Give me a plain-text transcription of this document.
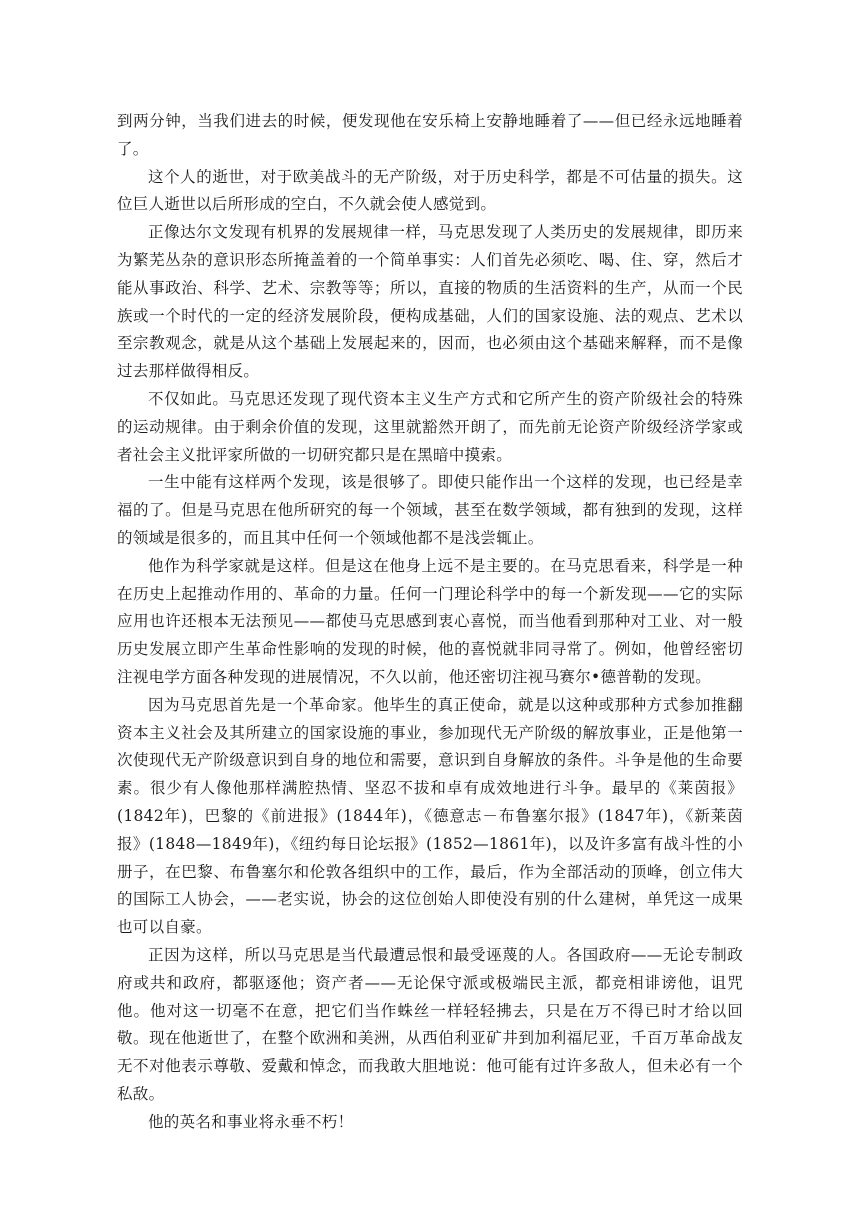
到两分钟，当我们进去的时候，便发现他在安乐椅上安静地睡着了——但已经永远地睡着了。

这个人的逝世，对于欧美战斗的无产阶级，对于历史科学，都是不可估量的损失。这位巨人逝世以后所形成的空白，不久就会使人感觉到。

正像达尔文发现有机界的发展规律一样，马克思发现了人类历史的发展规律，即历来为繁芜丛杂的意识形态所掩盖着的一个简单事实：人们首先必须吃、喝、住、穿，然后才能从事政治、科学、艺术、宗教等等；所以，直接的物质的生活资料的生产，从而一个民族或一个时代的一定的经济发展阶段，便构成基础，人们的国家设施、法的观点、艺术以至宗教观念，就是从这个基础上发展起来的，因而，也必须由这个基础来解释，而不是像过去那样做得相反。

不仅如此。马克思还发现了现代资本主义生产方式和它所产生的资产阶级社会的特殊的运动规律。由于剩余价值的发现，这里就豁然开朗了，而先前无论资产阶级经济学家或者社会主义批评家所做的一切研究都只是在黑暗中摸索。

一生中能有这样两个发现，该是很够了。即使只能作出一个这样的发现，也已经是幸福的了。但是马克思在他所研究的每一个领域，甚至在数学领域，都有独到的发现，这样的领域是很多的，而且其中任何一个领域他都不是浅尝辄止。

他作为科学家就是这样。但是这在他身上远不是主要的。在马克思看来，科学是一种在历史上起推动作用的、革命的力量。任何一门理论科学中的每一个新发现——它的实际应用也许还根本无法预见——都使马克思感到衷心喜悦，而当他看到那种对工业、对一般历史发展立即产生革命性影响的发现的时候，他的喜悦就非同寻常了。例如，他曾经密切注视电学方面各种发现的进展情况，不久以前，他还密切注视马赛尔•德普勒的发现。

因为马克思首先是一个革命家。他毕生的真正使命，就是以这种或那种方式参加推翻资本主义社会及其所建立的国家设施的事业，参加现代无产阶级的解放事业，正是他第一次使现代无产阶级意识到自身的地位和需要，意识到自身解放的条件。斗争是他的生命要素。很少有人像他那样满腔热情、坚忍不拔和卓有成效地进行斗争。最早的《莱茵报》(1842年)，巴黎的《前进报》(1844年)，《德意志－布鲁塞尔报》(1847年)，《新莱茵报》(1848—1849年)，《纽约每日论坛报》(1852—1861年)，以及许多富有战斗性的小册子，在巴黎、布鲁塞尔和伦敦各组织中的工作，最后，作为全部活动的顶峰，创立伟大的国际工人协会，——老实说，协会的这位创始人即使没有别的什么建树，单凭这一成果也可以自豪。

正因为这样，所以马克思是当代最遭忌恨和最受诬蔑的人。各国政府——无论专制政府或共和政府，都驱逐他；资产者——无论保守派或极端民主派，都竞相诽谤他，诅咒他。他对这一切毫不在意，把它们当作蛛丝一样轻轻拂去，只是在万不得已时才给以回敬。现在他逝世了，在整个欧洲和美洲，从西伯利亚矿井到加利福尼亚，千百万革命战友无不对他表示尊敬、爱戴和悼念，而我敢大胆地说：他可能有过许多敌人，但未必有一个私敌。

他的英名和事业将永垂不朽！
